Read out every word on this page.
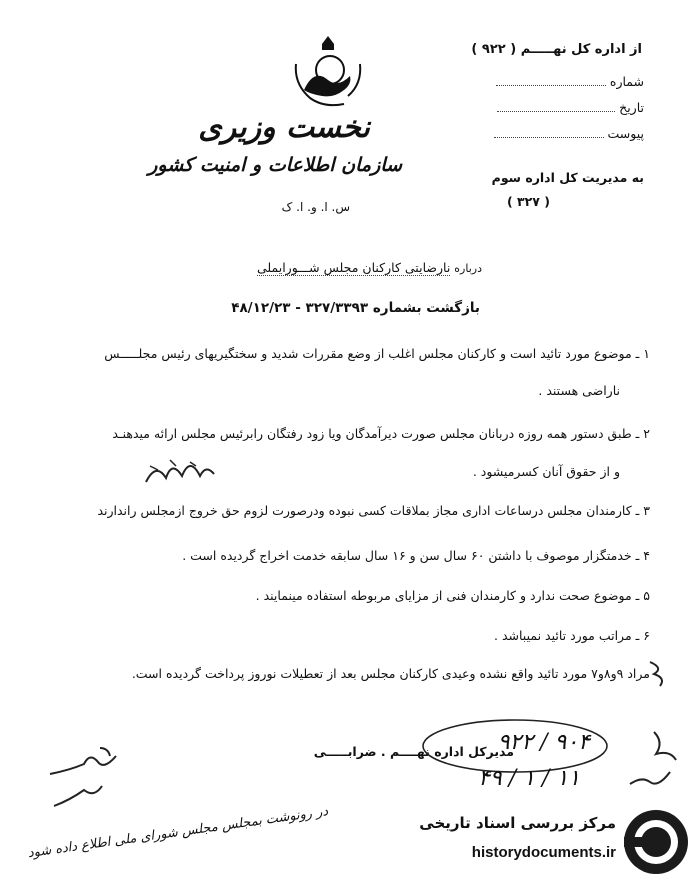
نخست وزیری
سازمان اطلاعات و امنیت کشور
س. ا. و. ا. ک
از اداره کل نهـــــم ( ۹۲۲ )
شماره
تاریخ
پیوست
به مدیریت کل اداره سوم
( ۳۲۷ )
درباره نارضایتی کارکنان مجلس شـــورایملی
بازگشت بشماره ۳۲۷/۳۳۹۳ - ۴۸/۱۲/۲۳
۱ ـ موضوع مورد تائید است و کارکنان مجلس اغلب از وضع مقررات شدید و سختگیریهای رئیس مجلـــــس
ناراضی هستند .
۲ ـ طبق دستور همه روزه دربانان مجلس صورت دیرآمدگان ویا زود رفتگان رابرئیس مجلس ارائه میدهنـد
و از حقوق آنان کسرمیشود .
۳ ـ کارمندان مجلس درساعات اداری مجاز بملاقات کسی نبوده ودرصورت لزوم حق خروج ازمجلس راندارند
۴ ـ خدمتگزار موصوف با داشتن ۶۰ سال سن و ۱۶ سال سابقه خدمت اخراج گردیده است .
۵ ـ موضوع صحت ندارد و کارمندان فنی از مزایای مربوطه استفاده مینمایند .
۶ ـ مراتب مورد تائید نمیباشد .
مراد ۹و۸و۷ مورد تائید واقع نشده وعیدی کارکنان مجلس بعد از تعطیلات نوروز پرداخت گردیده است.
مدیرکل اداره نهــــم . ضرابـــــی
۹۲۲ / ۹۰۴
۴۹ / ۱ / ۱۱
در رونوشت بمجلس مجلس شورای ملی اطلاع داده شود	مرکز بررسی اسناد تاریخی
historydocuments.ir
